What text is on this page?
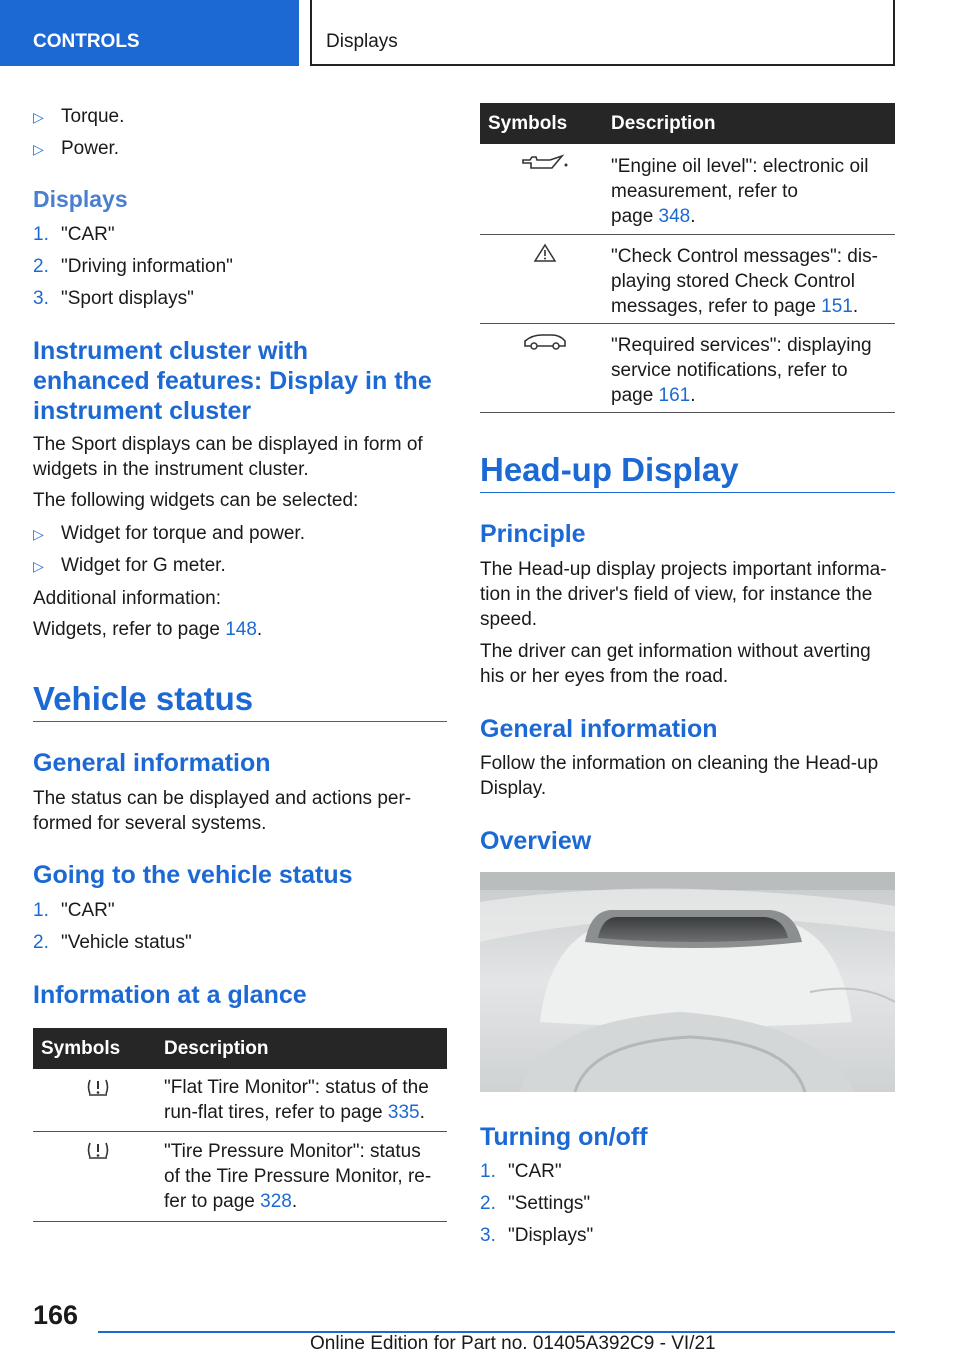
CONTROLS	Displays
▷ Torque.
▷ Power.
Displays
1. "CAR"
2. "Driving information"
3. "Sport displays"
Instrument cluster with
enhanced features: Display in the
instrument cluster
The Sport displays can be displayed in form of
widgets in the instrument cluster.
The following widgets can be selected:
▷ Widget for torque and power.
▷ Widget for G meter.
Additional information:
Widgets, refer to page 148.
Vehicle status
General information
The status can be displayed and actions per-
formed for several systems.
Going to the vehicle status
1. "CAR"
2. "Vehicle status"
Information at a glance
Symbols Description
"Flat Tire Monitor": status of the
run-flat tires, refer to page 335.
"Tire Pressure Monitor": status
of the Tire Pressure Monitor, re-
fer to page 328.
Symbols Description
"Engine oil level": electronic oil
measurement, refer to
page 348.
"Check Control messages": dis-
playing stored Check Control
messages, refer to page 151.
"Required services": displaying
service notifications, refer to
page 161.
Head-up Display
Principle
The Head-up display projects important informa-
tion in the driver's field of view, for instance the
speed.
The driver can get information without averting
his or her eyes from the road.
General information
Follow the information on cleaning the Head-up
Display.
Overview
Turning on/off
1. "CAR"
2. "Settings"
3. "Displays"
166
Online Edition for Part no. 01405A392C9 - VI/21
